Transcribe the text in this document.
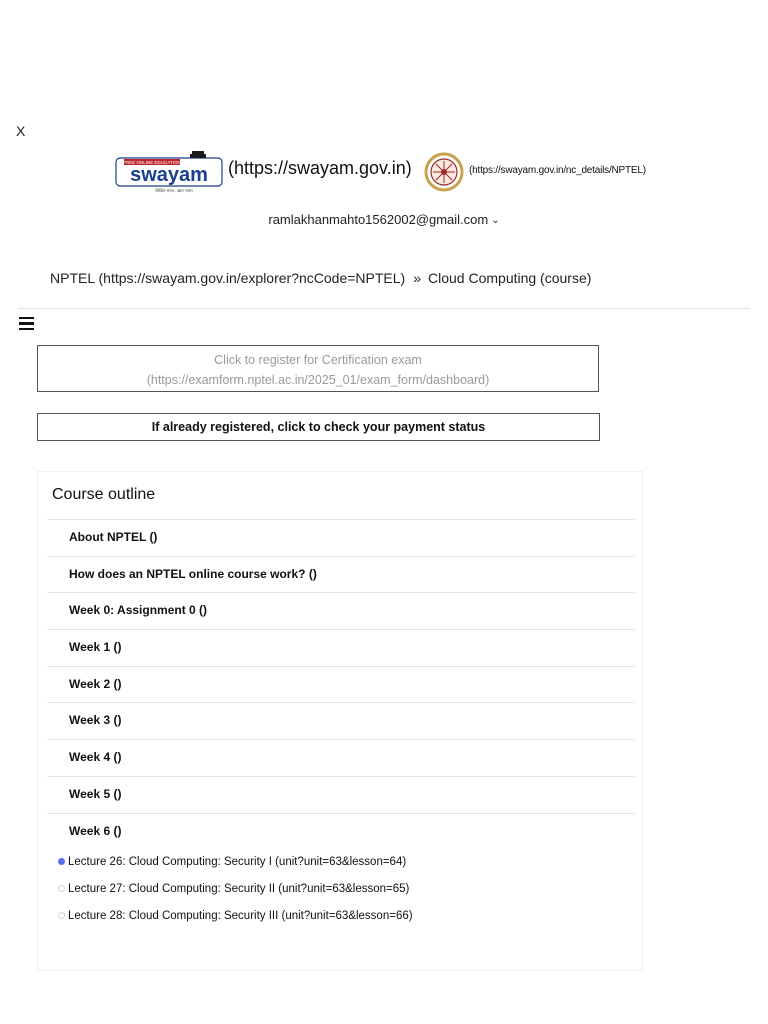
X
FREE ONLINE EDUCATION
swayam
शिक्षित भारत, उन्नत भारत
(https://swayam.gov.in)	(https://swayam.gov.in/nc_details/NPTEL)
ramlakhanmahto1562002@gmail.com ⌄
NPTEL (https://swayam.gov.in/explorer?ncCode=NPTEL) » Cloud Computing (course)
Click to register for Certification exam
(https://examform.nptel.ac.in/2025_01/exam_form/dashboard)
If already registered, click to check your payment status
Course outline
About NPTEL ()
How does an NPTEL online course work? ()
Week 0: Assignment 0 ()
Week 1 ()
Week 2 ()
Week 3 ()
Week 4 ()
Week 5 ()
Week 6 ()
Lecture 26: Cloud Computing: Security I (unit?unit=63&lesson=64)
Lecture 27: Cloud Computing: Security II (unit?unit=63&lesson=65)
Lecture 28: Cloud Computing: Security III (unit?unit=63&lesson=66)
